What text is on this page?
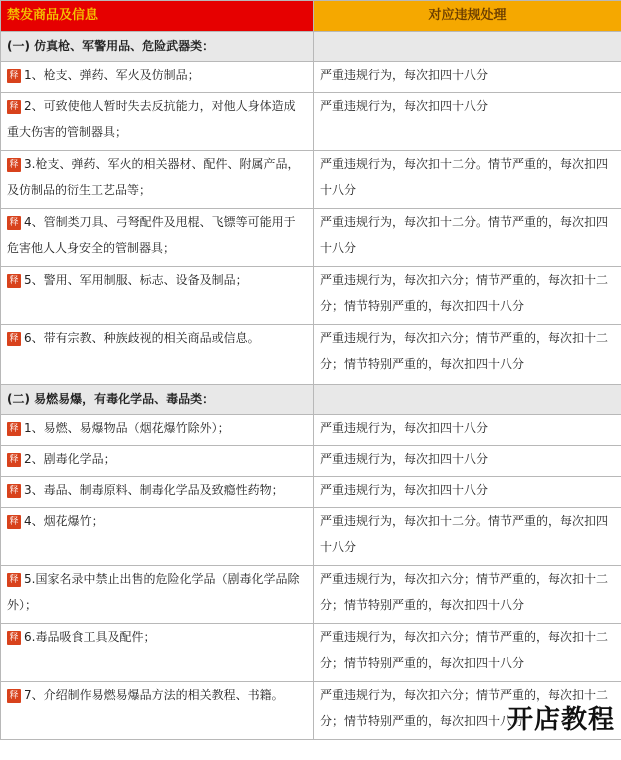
禁发商品及信息	对应违规处理
(一) 仿真枪、军警用品、危险武器类：	
释 1、枪支、弹药、军火及仿制品；	严重违规行为，每次扣四十八分
释 2、可致使他人暂时失去反抗能力，对他人身体造成重大伤害的管制器具；	严重违规行为，每次扣四十八分
释 3.枪支、弹药、军火的相关器材、配件、附属产品，及仿制品的衍生工艺品等；	严重违规行为，每次扣十二分。情节严重的，每次扣四十八分
释 4、管制类刀具、弓弩配件及甩棍、飞镖等可能用于危害他人人身安全的管制器具；	严重违规行为，每次扣十二分。情节严重的，每次扣四十八分
释 5、警用、军用制服、标志、设备及制品；	严重违规行为，每次扣六分；情节严重的，每次扣十二分；情节特别严重的，每次扣四十八分
释 6、带有宗教、种族歧视的相关商品或信息。	严重违规行为，每次扣六分；情节严重的，每次扣十二分；情节特别严重的，每次扣四十八分
(二) 易燃易爆，有毒化学品、毒品类：	
释 1、易燃、易爆物品（烟花爆竹除外）；	严重违规行为，每次扣四十八分
释 2、剧毒化学品；	严重违规行为，每次扣四十八分
释 3、毒品、制毒原料、制毒化学品及致瘾性药物；	严重违规行为，每次扣四十八分
释 4、烟花爆竹；	严重违规行为，每次扣十二分。情节严重的，每次扣四十八分
释 5.国家名录中禁止出售的危险化学品（剧毒化学品除外）；	严重违规行为，每次扣六分；情节严重的，每次扣十二分；情节特别严重的，每次扣四十八分
释 6.毒品吸食工具及配件；	严重违规行为，每次扣六分；情节严重的，每次扣十二分；情节特别严重的，每次扣四十八分
释 7、介绍制作易燃易爆品方法的相关教程、书籍。	严重违规行为，每次扣六分；情节严重的，每次扣十二分；情节特别严重的，每次扣四十八分
开店教程
